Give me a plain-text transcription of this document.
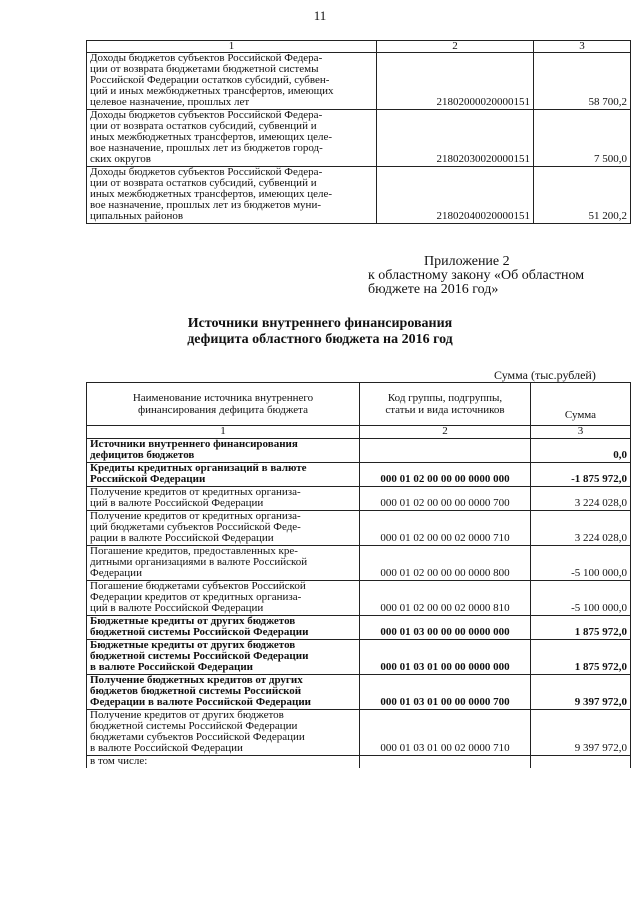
11
1	2	3

Доходы бюджетов субъектов Российской Федера-
ции от возврата бюджетами бюджетной системы
Российской Федерации остатков субсидий, субвен-
ций и иных межбюджетных трансфертов, имеющих
целевое назначение, прошлых лет	21802000020000151	58 700,2

Доходы бюджетов субъектов Российской Федера-
ции от возврата остатков субсидий, субвенций и
иных межбюджетных трансфертов, имеющих целе-
вое назначение, прошлых лет из бюджетов город-
ских округов	21802030020000151	7 500,0

Доходы бюджетов субъектов Российской Федера-
ции от возврата остатков субсидий, субвенций и
иных межбюджетных трансфертов, имеющих целе-
вое назначение, прошлых лет из бюджетов муни-
ципальных районов	21802040020000151	51 200,2
Приложение 2
к областному закону «Об областном
бюджете на 2016 год»
Источники внутреннего финансирования
дефицита областного бюджета на 2016 год
Сумма (тыс.рублей)
Наименование источника внутреннего
финансирования дефицита бюджета	Код группы, подгруппы,
статьи и вида источников	Сумма
1	2	3

Источники внутреннего финансирования
дефицитов бюджетов		0,0

Кредиты кредитных организаций в валюте
Российской Федерации	000 01 02 00 00 00 0000 000	-1 875 972,0

Получение кредитов от кредитных организа-
ций в валюте Российской Федерации	000 01 02 00 00 00 0000 700	3 224 028,0

Получение кредитов от кредитных организа-
ций бюджетами субъектов Российской Феде-
рации в валюте Российской Федерации	000 01 02 00 00 02 0000 710	3 224 028,0

Погашение кредитов, предоставленных кре-
дитными организациями в валюте Российской
Федерации	000 01 02 00 00 00 0000 800	-5 100 000,0

Погашение бюджетами субъектов Российской
Федерации кредитов от кредитных организа-
ций в валюте Российской Федерации	000 01 02 00 00 02 0000 810	-5 100 000,0

Бюджетные кредиты от других бюджетов
бюджетной системы Российской Федерации	000 01 03 00 00 00 0000 000	1 875 972,0

Бюджетные кредиты от других бюджетов
бюджетной системы Российской Федерации
в валюте Российской Федерации	000 01 03 01 00 00 0000 000	1 875 972,0

Получение бюджетных кредитов от других
бюджетов бюджетной системы Российской
Федерации в валюте Российской Федерации	000 01 03 01 00 00 0000 700	9 397 972,0

Получение кредитов от других бюджетов
бюджетной системы Российской Федерации
бюджетами субъектов Российской Федерации
в валюте Российской Федерации	000 01 03 01 00 02 0000 710	9 397 972,0

в том числе:		
